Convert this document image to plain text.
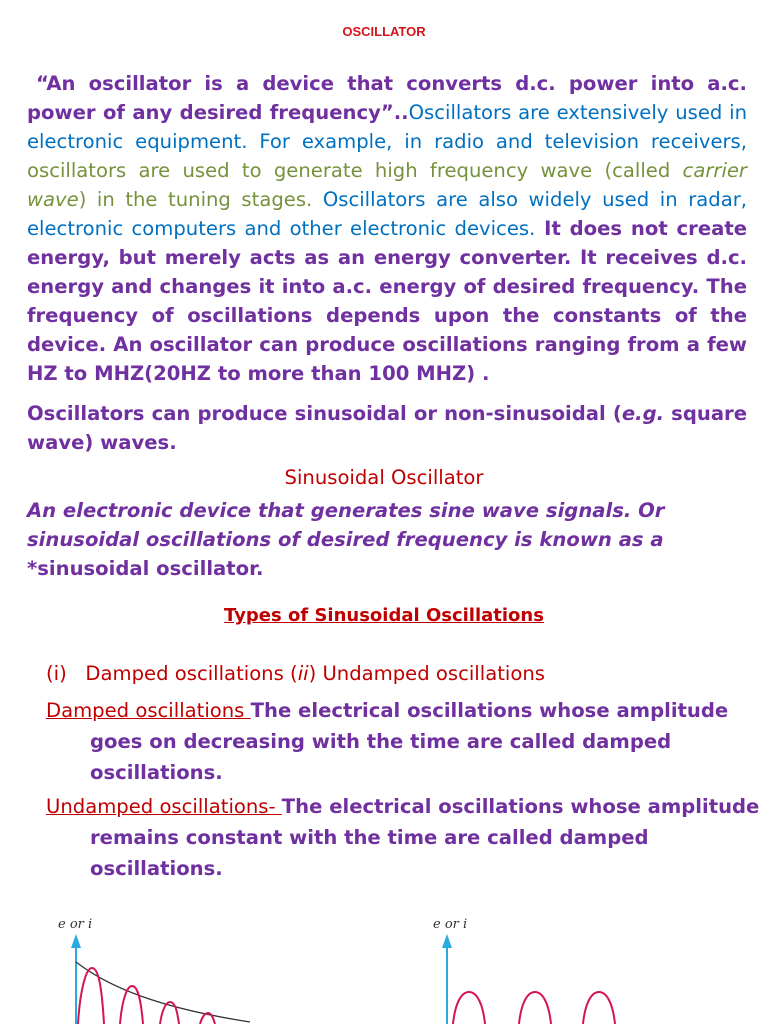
OSCILLATOR

“An oscillator is a device that converts d.c. power into a.c. power of any desired frequency”..Oscillators are extensively used in electronic equipment. For example, in radio and television receivers, oscillators are used to generate high frequency wave (called carrier wave) in the tuning stages. Oscillators are also widely used in radar, electronic computers and other electronic devices. It does not create energy, but merely acts as an energy converter. It receives d.c. energy and changes it into a.c. energy of desired frequency. The frequency of oscillations depends upon the constants of the device. An oscillator can produce oscillations ranging from a few HZ to MHZ(20HZ to more than 100 MHZ) .

Oscillators can produce sinusoidal or non-sinusoidal (e.g. square wave) waves.

Sinusoidal Oscillator

An electronic device that generates sine wave signals. Or sinusoidal oscillations of desired frequency is known as a *sinusoidal oscillator.

Types of Sinusoidal Oscillations

(i) Damped oscillations (ii) Undamped oscillations

Damped oscillations The electrical oscillations whose amplitude goes on decreasing with the time are called damped oscillations.

Undamped oscillations- The electrical oscillations whose amplitude remains constant with the time are called damped oscillations.

e or i	e or i
